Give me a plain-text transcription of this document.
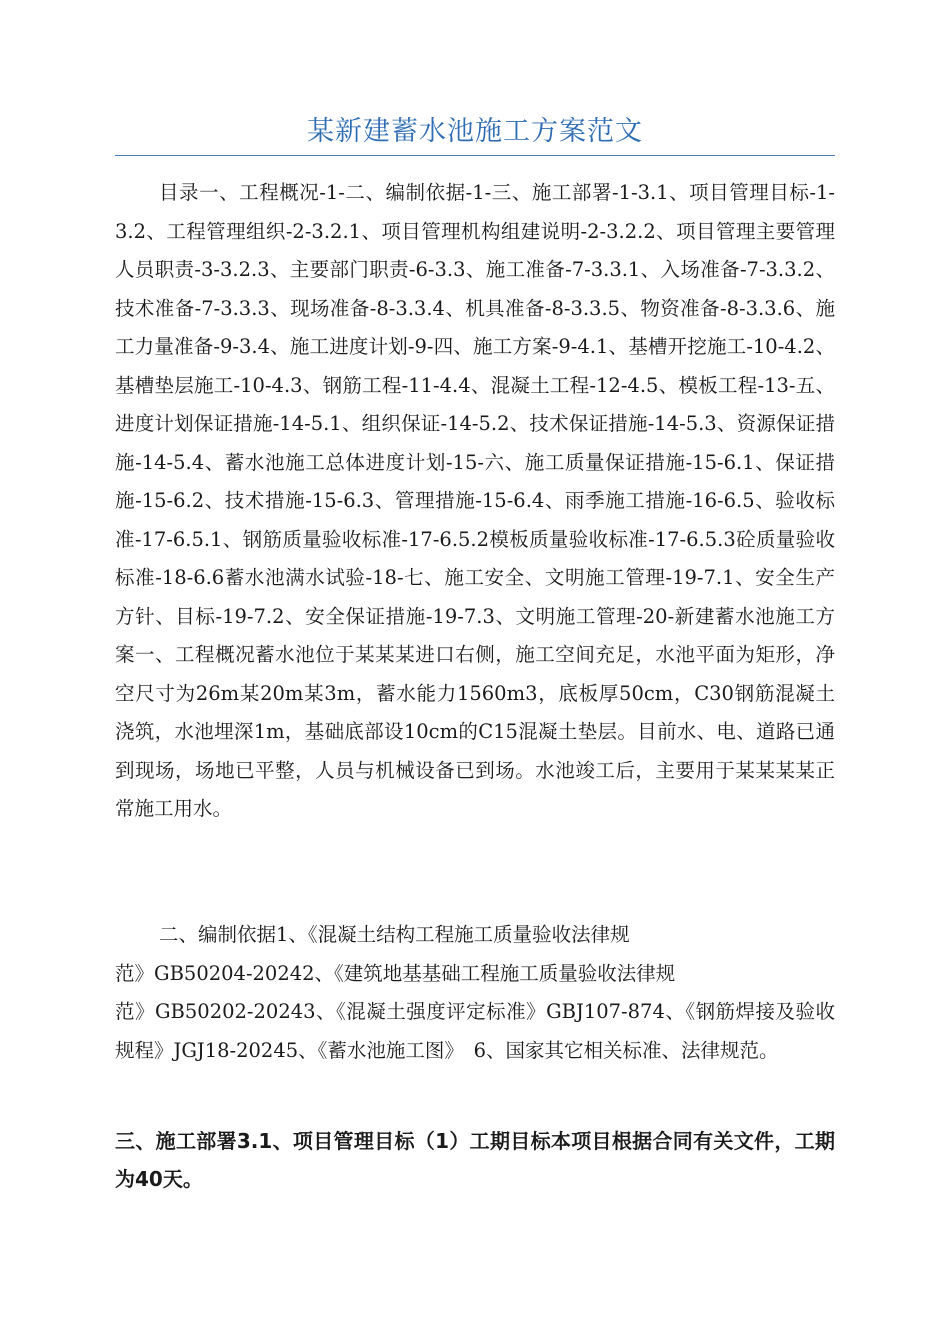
某新建蓄水池施工方案范文

目录一、工程概况-1-二、编制依据-1-三、施工部署-1-3.1、项目管理目标-1-3.2、工程管理组织-2-3.2.1、项目管理机构组建说明-2-3.2.2、项目管理主要管理人员职责-3-3.2.3、主要部门职责-6-3.3、施工准备-7-3.3.1、入场准备-7-3.3.2、技术准备-7-3.3.3、现场准备-8-3.3.4、机具准备-8-3.3.5、物资准备-8-3.3.6、施工力量准备-9-3.4、施工进度计划-9-四、施工方案-9-4.1、基槽开挖施工-10-4.2、基槽垫层施工-10-4.3、钢筋工程-11-4.4、混凝土工程-12-4.5、模板工程-13-五、进度计划保证措施-14-5.1、组织保证-14-5.2、技术保证措施-14-5.3、资源保证措施-14-5.4、蓄水池施工总体进度计划-15-六、施工质量保证措施-15-6.1、保证措施-15-6.2、技术措施-15-6.3、管理措施-15-6.4、雨季施工措施-16-6.5、验收标准-17-6.5.1、钢筋质量验收标准-17-6.5.2模板质量验收标准-17-6.5.3砼质量验收标准-18-6.6蓄水池满水试验-18-七、施工安全、文明施工管理-19-7.1、安全生产方针、目标-19-7.2、安全保证措施-19-7.3、文明施工管理-20-新建蓄水池施工方案一、工程概况蓄水池位于某某某进口右侧，施工空间充足，水池平面为矩形，净空尺寸为26m某20m某3m，蓄水能力1560m3，底板厚50cm，C30钢筋混凝土浇筑，水池埋深1m，基础底部设10cm的C15混凝土垫层。目前水、电、道路已通到现场，场地已平整，人员与机械设备已到场。水池竣工后，主要用于某某某某正常施工用水。

二、编制依据1、《混凝土结构工程施工质量验收法律规
范》GB50204-20242、《建筑地基基础工程施工质量验收法律规
范》GB50202-20243、《混凝土强度评定标准》GBJ107-874、《钢筋焊接及验收规程》JGJ18-20245、《蓄水池施工图》　6、国家其它相关标准、法律规范。

三、施工部署3.1、项目管理目标（1）工期目标本项目根据合同有关文件，工期为40天。
